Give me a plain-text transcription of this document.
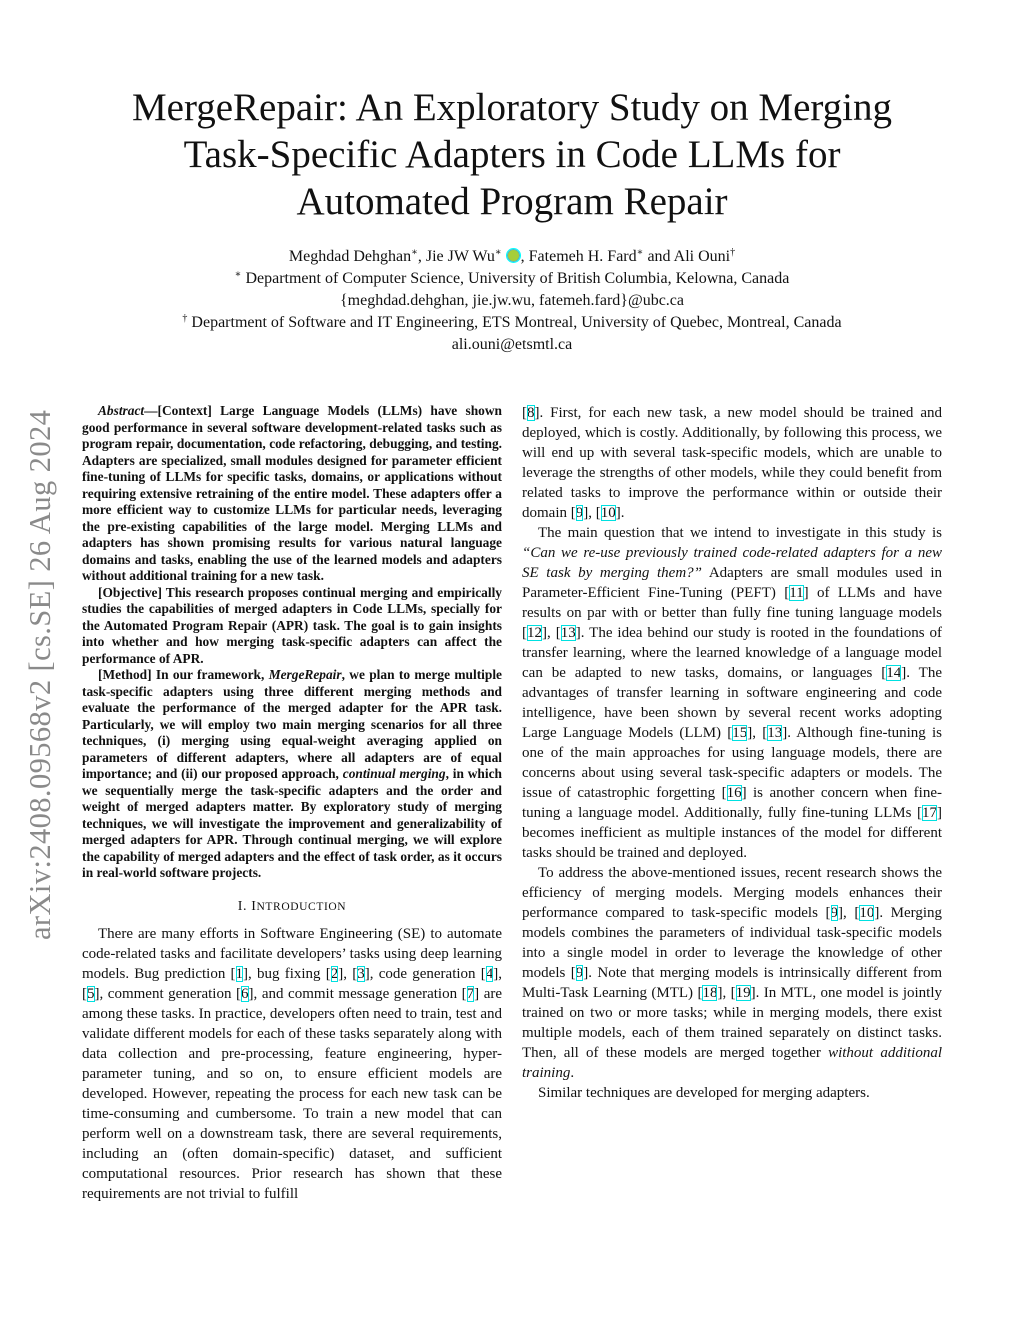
arXiv:2408.09568v2 [cs.SE] 26 Aug 2024
MergeRepair: An Exploratory Study on Merging
Task-Specific Adapters in Code LLMs for
Automated Program Repair
Meghdad Dehghan∗, Jie JW Wu∗ , Fatemeh H. Fard∗ and Ali Ouni†
∗ Department of Computer Science, University of British Columbia, Kelowna, Canada
{meghdad.dehghan, jie.jw.wu, fatemeh.fard}@ubc.ca
† Department of Software and IT Engineering, ETS Montreal, University of Quebec, Montreal, Canada
ali.ouni@etsmtl.ca

Abstract—[Context] Large Language Models (LLMs) have shown good performance in several software development-related tasks such as program repair, documentation, code refactoring, debugging, and testing. Adapters are specialized, small modules designed for parameter efficient fine-tuning of LLMs for specific tasks, domains, or applications without requiring extensive retraining of the entire model. These adapters offer a more efficient way to customize LLMs for particular needs, leveraging the pre-existing capabilities of the large model. Merging LLMs and adapters has shown promising results for various natural language domains and tasks, enabling the use of the learned models and adapters without additional training for a new task.

[Objective] This research proposes continual merging and empirically studies the capabilities of merged adapters in Code LLMs, specially for the Automated Program Repair (APR) task. The goal is to gain insights into whether and how merging task-specific adapters can affect the performance of APR.

[Method] In our framework, MergeRepair, we plan to merge multiple task-specific adapters using three different merging methods and evaluate the performance of the merged adapter for the APR task. Particularly, we will employ two main merging scenarios for all three techniques, (i) merging using equal-weight averaging applied on parameters of different adapters, where all adapters are of equal importance; and (ii) our proposed approach, continual merging, in which we sequentially merge the task-specific adapters and the order and weight of merged adapters matter. By exploratory study of merging techniques, we will investigate the improvement and generalizability of merged adapters for APR. Through continual merging, we will explore the capability of merged adapters and the effect of task order, as it occurs in real-world software projects.

I. INTRODUCTION

There are many efforts in Software Engineering (SE) to automate code-related tasks and facilitate developers’ tasks using deep learning models. Bug prediction [1], bug fixing [2], [3], code generation [4], [5], comment generation [6], and commit message generation [7] are among these tasks. In practice, developers often need to train, test and validate different models for each of these tasks separately along with data collection and pre-processing, feature engineering, hyper-parameter tuning, and so on, to ensure efficient models are developed. However, repeating the process for each new task can be time-consuming and cumbersome. To train a new model that can perform well on a downstream task, there are several requirements, including an (often domain-specific) dataset, and sufficient computational resources. Prior research has shown that these requirements are not trivial to fulfill

[8]. First, for each new task, a new model should be trained and deployed, which is costly. Additionally, by following this process, we will end up with several task-specific models, which are unable to leverage the strengths of other models, while they could benefit from related tasks to improve the performance within or outside their domain [9], [10].

The main question that we intend to investigate in this study is “Can we re-use previously trained code-related adapters for a new SE task by merging them?” Adapters are small modules used in Parameter-Efficient Fine-Tuning (PEFT) [11] of LLMs and have results on par with or better than fully fine tuning language models [12], [13]. The idea behind our study is rooted in the foundations of transfer learning, where the learned knowledge of a language model can be adapted to new tasks, domains, or languages [14]. The advantages of transfer learning in software engineering and code intelligence, have been shown by several recent works adopting Large Language Models (LLM) [15], [13]. Although fine-tuning is one of the main approaches for using language models, there are concerns about using several task-specific adapters or models. The issue of catastrophic forgetting [16] is another concern when fine-tuning a language model. Additionally, fully fine-tuning LLMs [17] becomes inefficient as multiple instances of the model for different tasks should be trained and deployed.

To address the above-mentioned issues, recent research shows the efficiency of merging models. Merging models enhances their performance compared to task-specific models [9], [10]. Merging models combines the parameters of individual task-specific models into a single model in order to leverage the knowledge of other models [9]. Note that merging models is intrinsically different from Multi-Task Learning (MTL) [18], [19]. In MTL, one model is jointly trained on two or more tasks; while in merging models, there exist multiple models, each of them trained separately on distinct tasks. Then, all of these models are merged together without additional training.

Similar techniques are developed for merging adapters.
